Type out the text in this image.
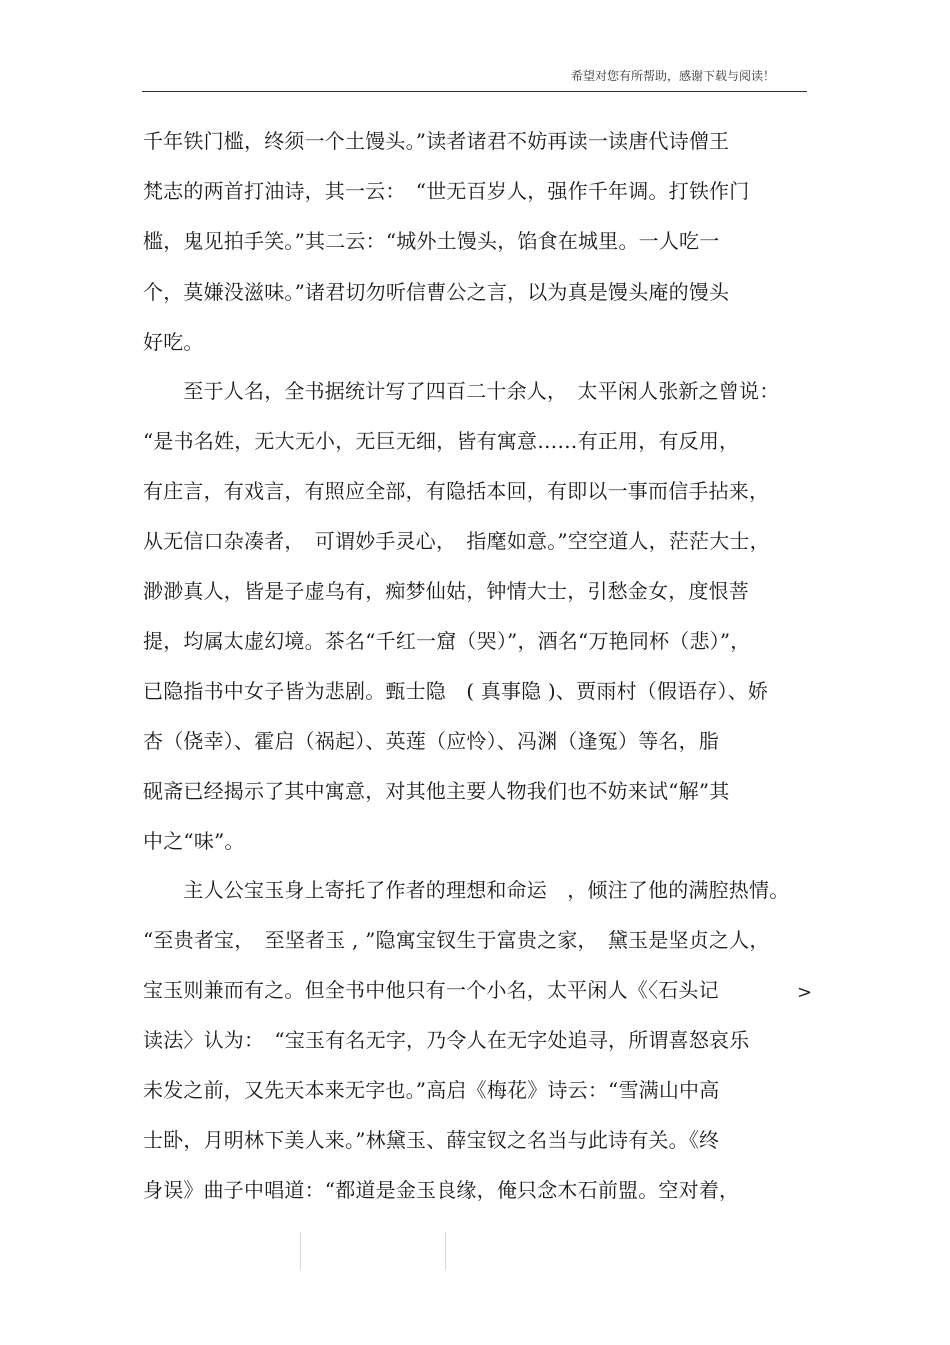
希望对您有所帮助，感谢下载与阅读！
千年铁门槛，终须一个土馒头。”读者诸君不妨再读一读唐代诗僧王
梵志的两首打油诗，其一云：　“世无百岁人，强作千年调。打铁作门
槛，鬼见拍手笑。”其二云：“城外土馒头，馅食在城里。一人吃一
个，莫嫌没滋味。”诸君切勿听信曹公之言，以为真是馒头庵的馒头
好吃。
　　至于人名，全书据统计写了四百二十余人，　太平闲人张新之曾说：
“是书名姓，无大无小，无巨无细，皆有寓意……有正用，有反用，
有庄言，有戏言，有照应全部，有隐括本回，有即以一事而信手拈来，
从无信口杂凑者，　可谓妙手灵心，　指麾如意。”空空道人，茫茫大士，
渺渺真人，皆是子虚乌有，痴梦仙姑，钟情大士，引愁金女，度恨菩
提，均属太虚幻境。茶名“千红一窟（哭）”，酒名“万艳同杯（悲）”，
已隐指书中女子皆为悲剧。甄士隐　( 真事隐 )、贾雨村（假语存）、娇
杏（侥幸）、霍启（祸起）、英莲（应怜）、冯渊（逢冤）等名，脂
砚斋已经揭示了其中寓意，对其他主要人物我们也不妨来试“解”其
中之“味”。
　　主人公宝玉身上寄托了作者的理想和命运　，倾注了他的满腔热情。
“至贵者宝，　至坚者玉 , ”隐寓宝钗生于富贵之家，　黛玉是坚贞之人，
宝玉则兼而有之。但全书中他只有一个小名，太平闲人《〈石头记
读法〉认为：　“宝玉有名无字，乃令人在无字处追寻，所谓喜怒哀乐
未发之前，又先天本来无字也。”高启《梅花》诗云：“雪满山中高
士卧，月明林下美人来。”林黛玉、薛宝钗之名当与此诗有关。《终
身误》曲子中唱道：“都道是金玉良缘，俺只念木石前盟。空对着，
>
